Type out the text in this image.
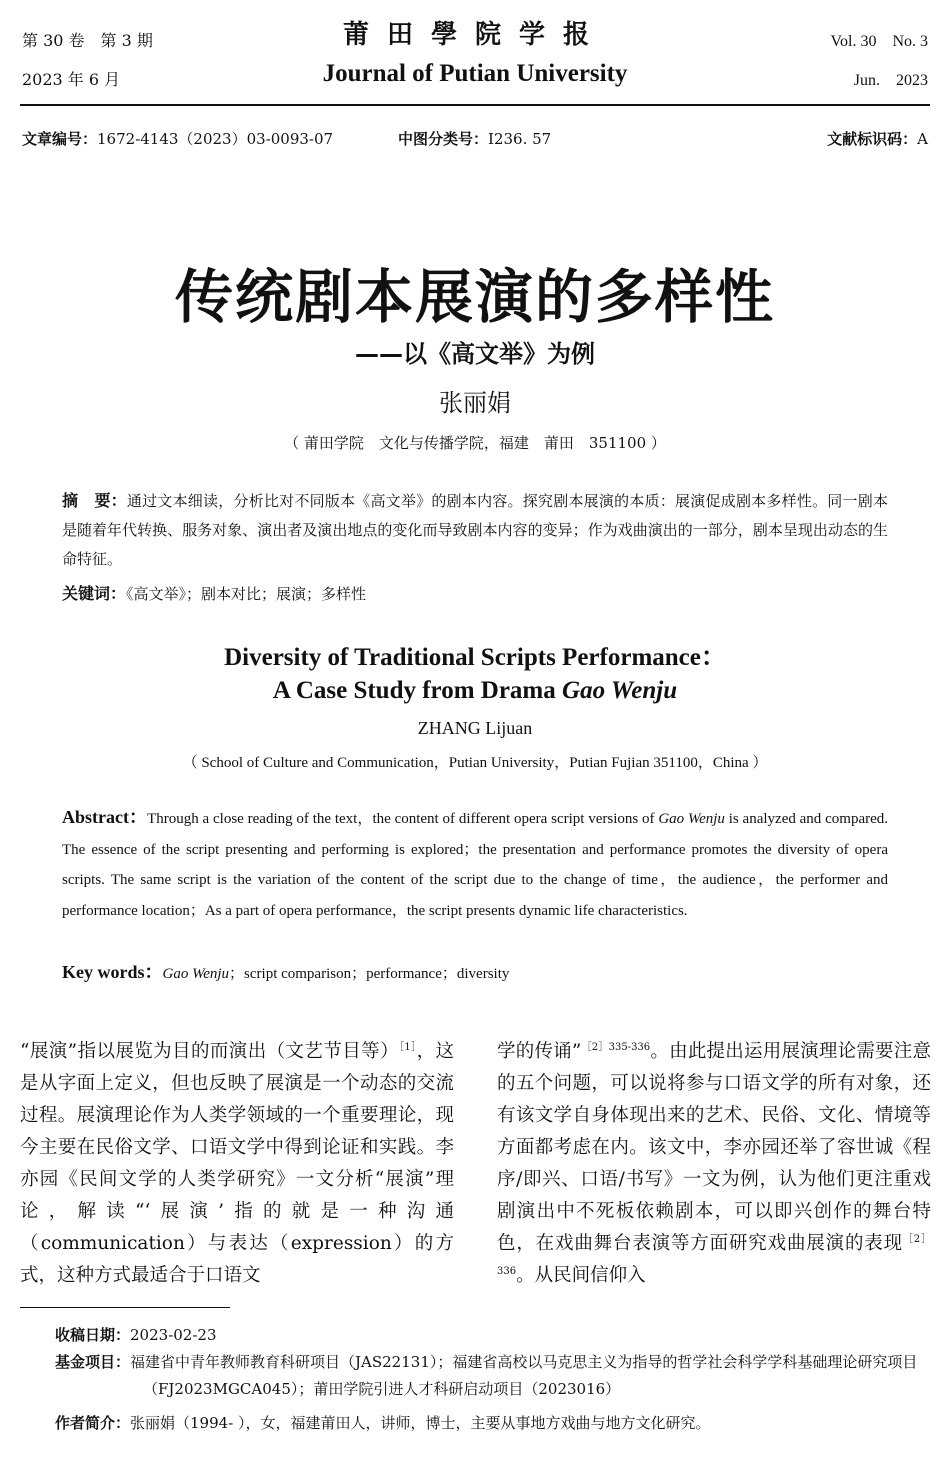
第 30 卷　第 3 期
2023 年 6 月
莆田學院学报
Journal of Putian University
Vol. 30　No. 3
Jun.　2023
文章编号：1672-4143（2023）03-0093-07	中图分类号：I236. 57	文献标识码：A
传统剧本展演的多样性
——以《高文举》为例
张丽娟
（ 莆田学院　文化与传播学院，福建　莆田　351100 ）
摘　要：通过文本细读，分析比对不同版本《高文举》的剧本内容。探究剧本展演的本质：展演促成剧本多样性。同一剧本是随着年代转换、服务对象、演出者及演出地点的变化而导致剧本内容的变异；作为戏曲演出的一部分，剧本呈现出动态的生命特征。
关键词：《高文举》；剧本对比；展演；多样性
Diversity of Traditional Scripts Performance：
A Case Study from Drama Gao Wenju
ZHANG Lijuan
（ School of Culture and Communication，Putian University，Putian Fujian 351100，China ）
Abstract：Through a close reading of the text，the content of different opera script versions of Gao Wenju is analyzed and compared. The essence of the script presenting and performing is explored；the presentation and performance promotes the diversity of opera scripts. The same script is the variation of the content of the script due to the change of time，the audience，the performer and performance location；As a part of opera performance，the script presents dynamic life characteristics.
Key words：Gao Wenju；script comparison；performance；diversity
“展演”指以展览为目的而演出（文艺节目等）$^{[1]}$，这是从字面上定义，但也反映了展演是一个动态的交流过程。展演理论作为人类学领域的一个重要理论，现今主要在民俗文学、口语文学中得到论证和实践。李亦园《民间文学的人类学研究》一文分析“展演”理论，解读“‘展演’指的就是一种沟通（communication）与表达（expression）的方式，这种方式最适合于口语文
学的传诵”$^{[2]335-336}$。由此提出运用展演理论需要注意的五个问题，可以说将参与口语文学的所有对象，还有该文学自身体现出来的艺术、民俗、文化、情境等方面都考虑在内。该文中，李亦园还举了容世诚《程序/即兴、口语/书写》一文为例，认为他们更注重戏剧演出中不死板依赖剧本，可以即兴创作的舞台特色，在戏曲舞台表演等方面研究戏曲展演的表现$^{[2]336}$。从民间信仰入
收稿日期：2023-02-23
基金项目：福建省中青年教师教育科研项目（JAS22131）；福建省高校以马克思主义为指导的哲学社会科学学科基础理论研究项目（FJ2023MGCA045）；莆田学院引进人才科研启动项目（2023016）
作者简介：张丽娟（1994- ），女，福建莆田人，讲师，博士，主要从事地方戏曲与地方文化研究。
